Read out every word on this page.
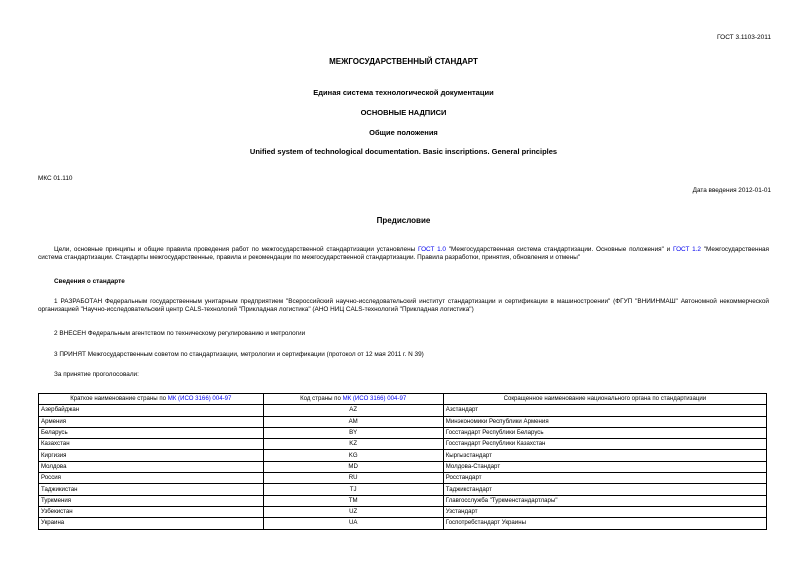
ГОСТ 3.1103-2011
МЕЖГОСУДАРСТВЕННЫЙ СТАНДАРТ
Единая система технологической документации
ОСНОВНЫЕ НАДПИСИ
Общие положения
Unified system of technological documentation. Basic inscriptions. General principles
МКС 01.110
Дата введения 2012-01-01
Предисловие
Цели, основные принципы и общие правила проведения работ по межгосударственной стандартизации установлены ГОСТ 1.0 "Межгосударственная система стандартизации. Основные положения" и ГОСТ 1.2 "Межгосударственная система стандартизации. Стандарты межгосударственные, правила и рекомендации по межгосударственной стандартизации. Правила разработки, принятия, обновления и отмены"
Сведения о стандарте
1 РАЗРАБОТАН Федеральным государственным унитарным предприятием "Всероссийский научно-исследовательский институт стандартизации и сертификации в машиностроении" (ФГУП "ВНИИНМАШ" Автономной некоммерческой организацией "Научно-исследовательский центр CALS-технологий "Прикладная логистика" (АНО НИЦ CALS-технологий "Прикладная логистика")
2 ВНЕСЕН Федеральным агентством по техническому регулированию и метрологии
3 ПРИНЯТ Межгосударственным советом по стандартизации, метрологии и сертификации (протокол от 12 мая 2011 г. N 39)
За принятие проголосовали:
Краткое наименование страны по МК (ИСО 3166) 004-97	Код страны по МК (ИСО 3166) 004-97	Сокращенное наименование национального органа по стандартизации
Азербайджан	AZ	Азстандарт
Армения	AM	Минэкономики Республики Армения
Беларусь	BY	Госстандарт Республики Беларусь
Казахстан	KZ	Госстандарт Республики Казахстан
Киргизия	KG	Кыргызстандарт
Молдова	MD	Молдова-Стандарт
Россия	RU	Росстандарт
Таджикистан	TJ	Таджикстандарт
Туркмения	TM	Главгосслужба "Туркменстандартлары"
Узбекистан	UZ	Узстандарт
Украина	UA	Госпотребстандарт Украины
